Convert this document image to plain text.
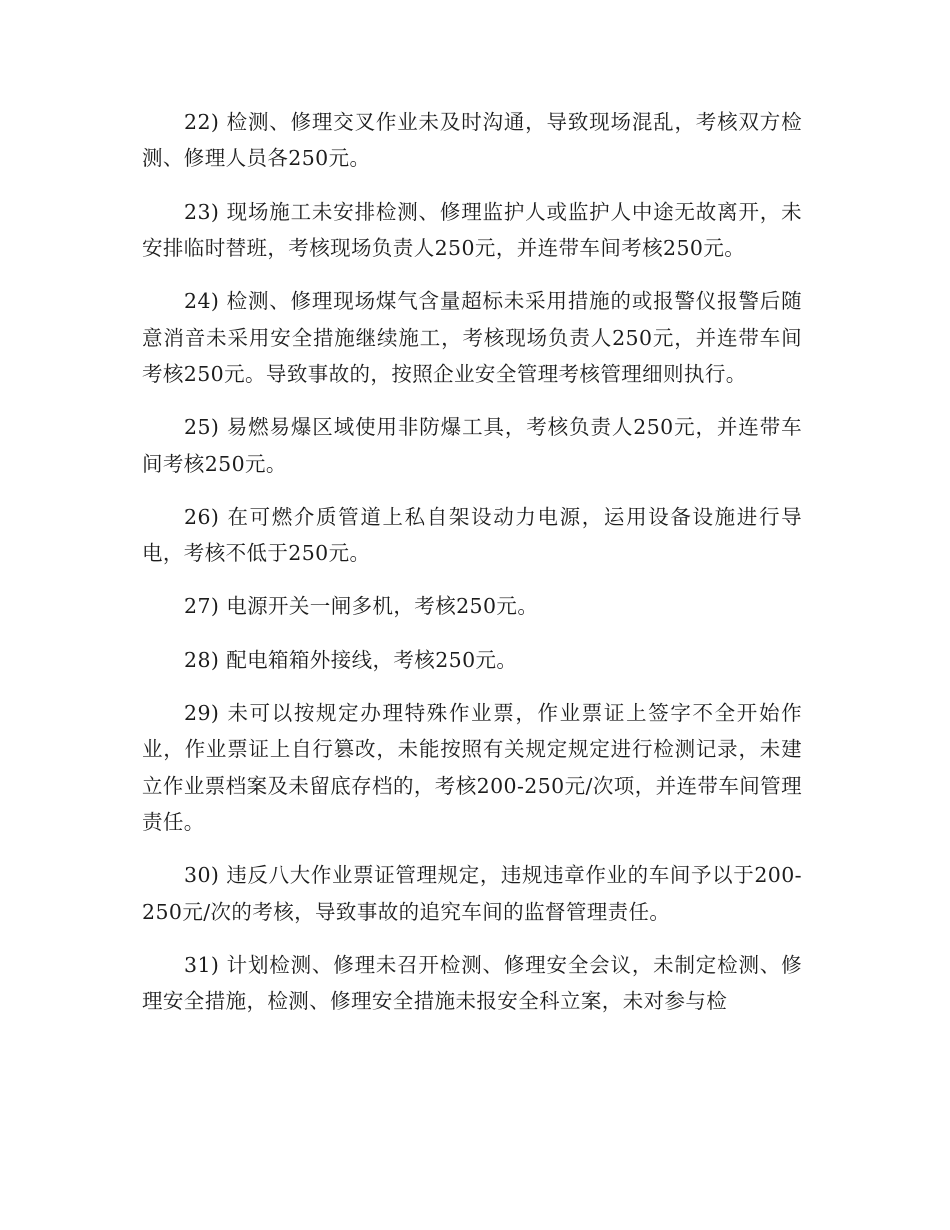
22) 检测、修理交叉作业未及时沟通，导致现场混乱，考核双方检测、修理人员各250元。

23) 现场施工未安排检测、修理监护人或监护人中途无故离开，未安排临时替班，考核现场负责人250元，并连带车间考核250元。

24) 检测、修理现场煤气含量超标未采用措施的或报警仪报警后随意消音未采用安全措施继续施工，考核现场负责人250元，并连带车间考核250元。导致事故的，按照企业安全管理考核管理细则执行。

25) 易燃易爆区域使用非防爆工具，考核负责人250元，并连带车间考核250元。

26) 在可燃介质管道上私自架设动力电源，运用设备设施进行导电，考核不低于250元。

27) 电源开关一闸多机，考核250元。

28) 配电箱箱外接线，考核250元。

29) 未可以按规定办理特殊作业票，作业票证上签字不全开始作业，作业票证上自行篡改，未能按照有关规定规定进行检测记录，未建立作业票档案及未留底存档的，考核200-250元/次项，并连带车间管理责任。

30) 违反八大作业票证管理规定，违规违章作业的车间予以于200-250元/次的考核，导致事故的追究车间的监督管理责任。

31) 计划检测、修理未召开检测、修理安全会议，未制定检测、修理安全措施，检测、修理安全措施未报安全科立案，未对参与检
